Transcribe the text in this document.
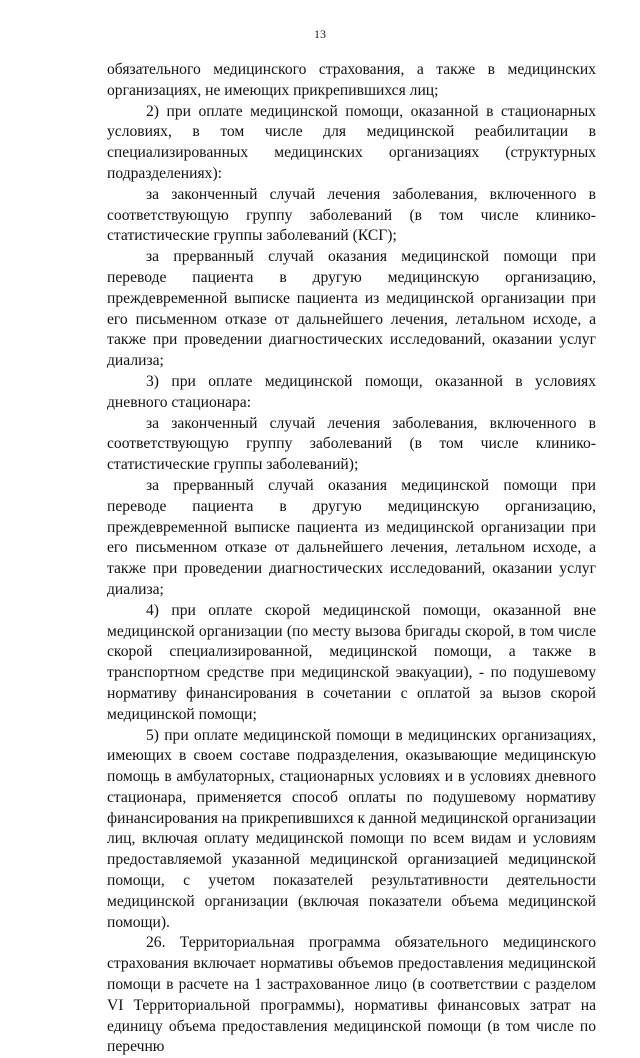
13

обязательного медицинского страхования, а также в медицинских организациях, не имеющих прикрепившихся лиц;

2) при оплате медицинской помощи, оказанной в стационарных условиях, в том числе для медицинской реабилитации в специализированных медицинских организациях (структурных подразделениях):

за законченный случай лечения заболевания, включенного в соответствующую группу заболеваний (в том числе клинико-статистические группы заболеваний (КСГ);

за прерванный случай оказания медицинской помощи при переводе пациента в другую медицинскую организацию, преждевременной выписке пациента из медицинской организации при его письменном отказе от дальнейшего лечения, летальном исходе, а также при проведении диагностических исследований, оказании услуг диализа;

3) при оплате медицинской помощи, оказанной в условиях дневного стационара:

за законченный случай лечения заболевания, включенного в соответствующую группу заболеваний (в том числе клинико-статистические группы заболеваний);

за прерванный случай оказания медицинской помощи при переводе пациента в другую медицинскую организацию, преждевременной выписке пациента из медицинской организации при его письменном отказе от дальнейшего лечения, летальном исходе, а также при проведении диагностических исследований, оказании услуг диализа;

4) при оплате скорой медицинской помощи, оказанной вне медицинской организации (по месту вызова бригады скорой, в том числе скорой специализированной, медицинской помощи, а также в транспортном средстве при медицинской эвакуации), - по подушевому нормативу финансирования в сочетании с оплатой за вызов скорой медицинской помощи;

5) при оплате медицинской помощи в медицинских организациях, имеющих в своем составе подразделения, оказывающие медицинскую помощь в амбулаторных, стационарных условиях и в условиях дневного стационара, применяется способ оплаты по подушевому нормативу финансирования на прикрепившихся к данной медицинской организации лиц, включая оплату медицинской помощи по всем видам и условиям предоставляемой указанной медицинской организацией медицинской помощи, с учетом показателей результативности деятельности медицинской организации (включая показатели объема медицинской помощи).

26. Территориальная программа обязательного медицинского страхования включает нормативы объемов предоставления медицинской помощи в расчете на 1 застрахованное лицо (в соответствии с разделом VI Территориальной программы), нормативы финансовых затрат на единицу объема предоставления медицинской помощи (в том числе по перечню
